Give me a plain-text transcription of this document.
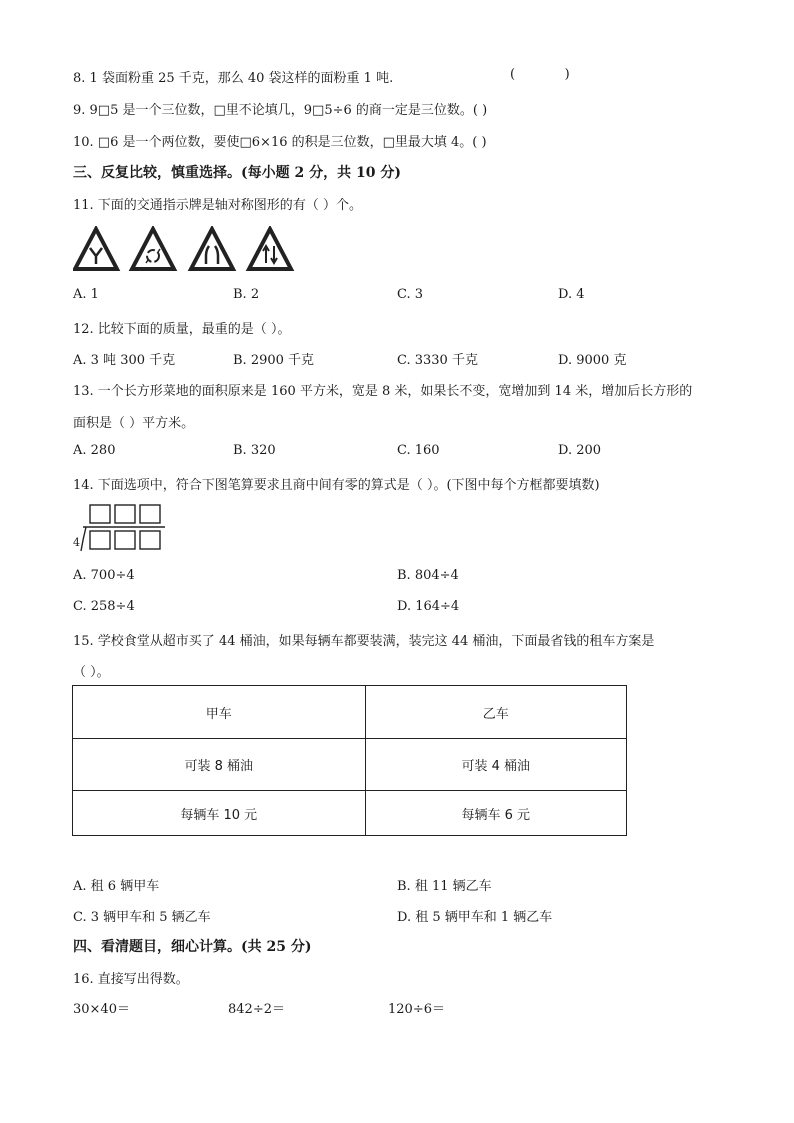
8. 1 袋面粉重 25 千克，那么 40 袋这样的面粉重 1 吨.	(            )
9. 9□5 是一个三位数，□里不论填几，9□5÷6 的商一定是三位数。( )
10. □6 是一个两位数，要使□6×16 的积是三位数，□里最大填 4。( )
三、反复比较，慎重选择。(每小题 2 分，共 10 分)
11. 下面的交通指示牌是轴对称图形的有（ ）个。
A. 1	B. 2	C. 3	D. 4
12. 比较下面的质量，最重的是（ ）。
A. 3 吨 300 千克	B. 2900 千克	C. 3330 千克	D. 9000 克
13. 一个长方形菜地的面积原来是 160 平方米，宽是 8 米，如果长不变，宽增加到 14 米，增加后长方形的
面积是（ ）平方米。
A. 280	B. 320	C. 160	D. 200
14. 下面选项中，符合下图笔算要求且商中间有零的算式是（ ）。(下图中每个方框都要填数)
4
A. 700÷4	B. 804÷4
C. 258÷4	D. 164÷4
15. 学校食堂从超市买了 44 桶油，如果每辆车都要装满，装完这 44 桶油，下面最省钱的租车方案是
（ ）。
甲车	乙车
可装 8 桶油	可装 4 桶油
每辆车 10 元	每辆车 6 元
A. 租 6 辆甲车	B. 租 11 辆乙车
C. 3 辆甲车和 5 辆乙车	D. 租 5 辆甲车和 1 辆乙车
四、看清题目，细心计算。(共 25 分)
16. 直接写出得数。
30×40＝	842÷2＝	120÷6＝
